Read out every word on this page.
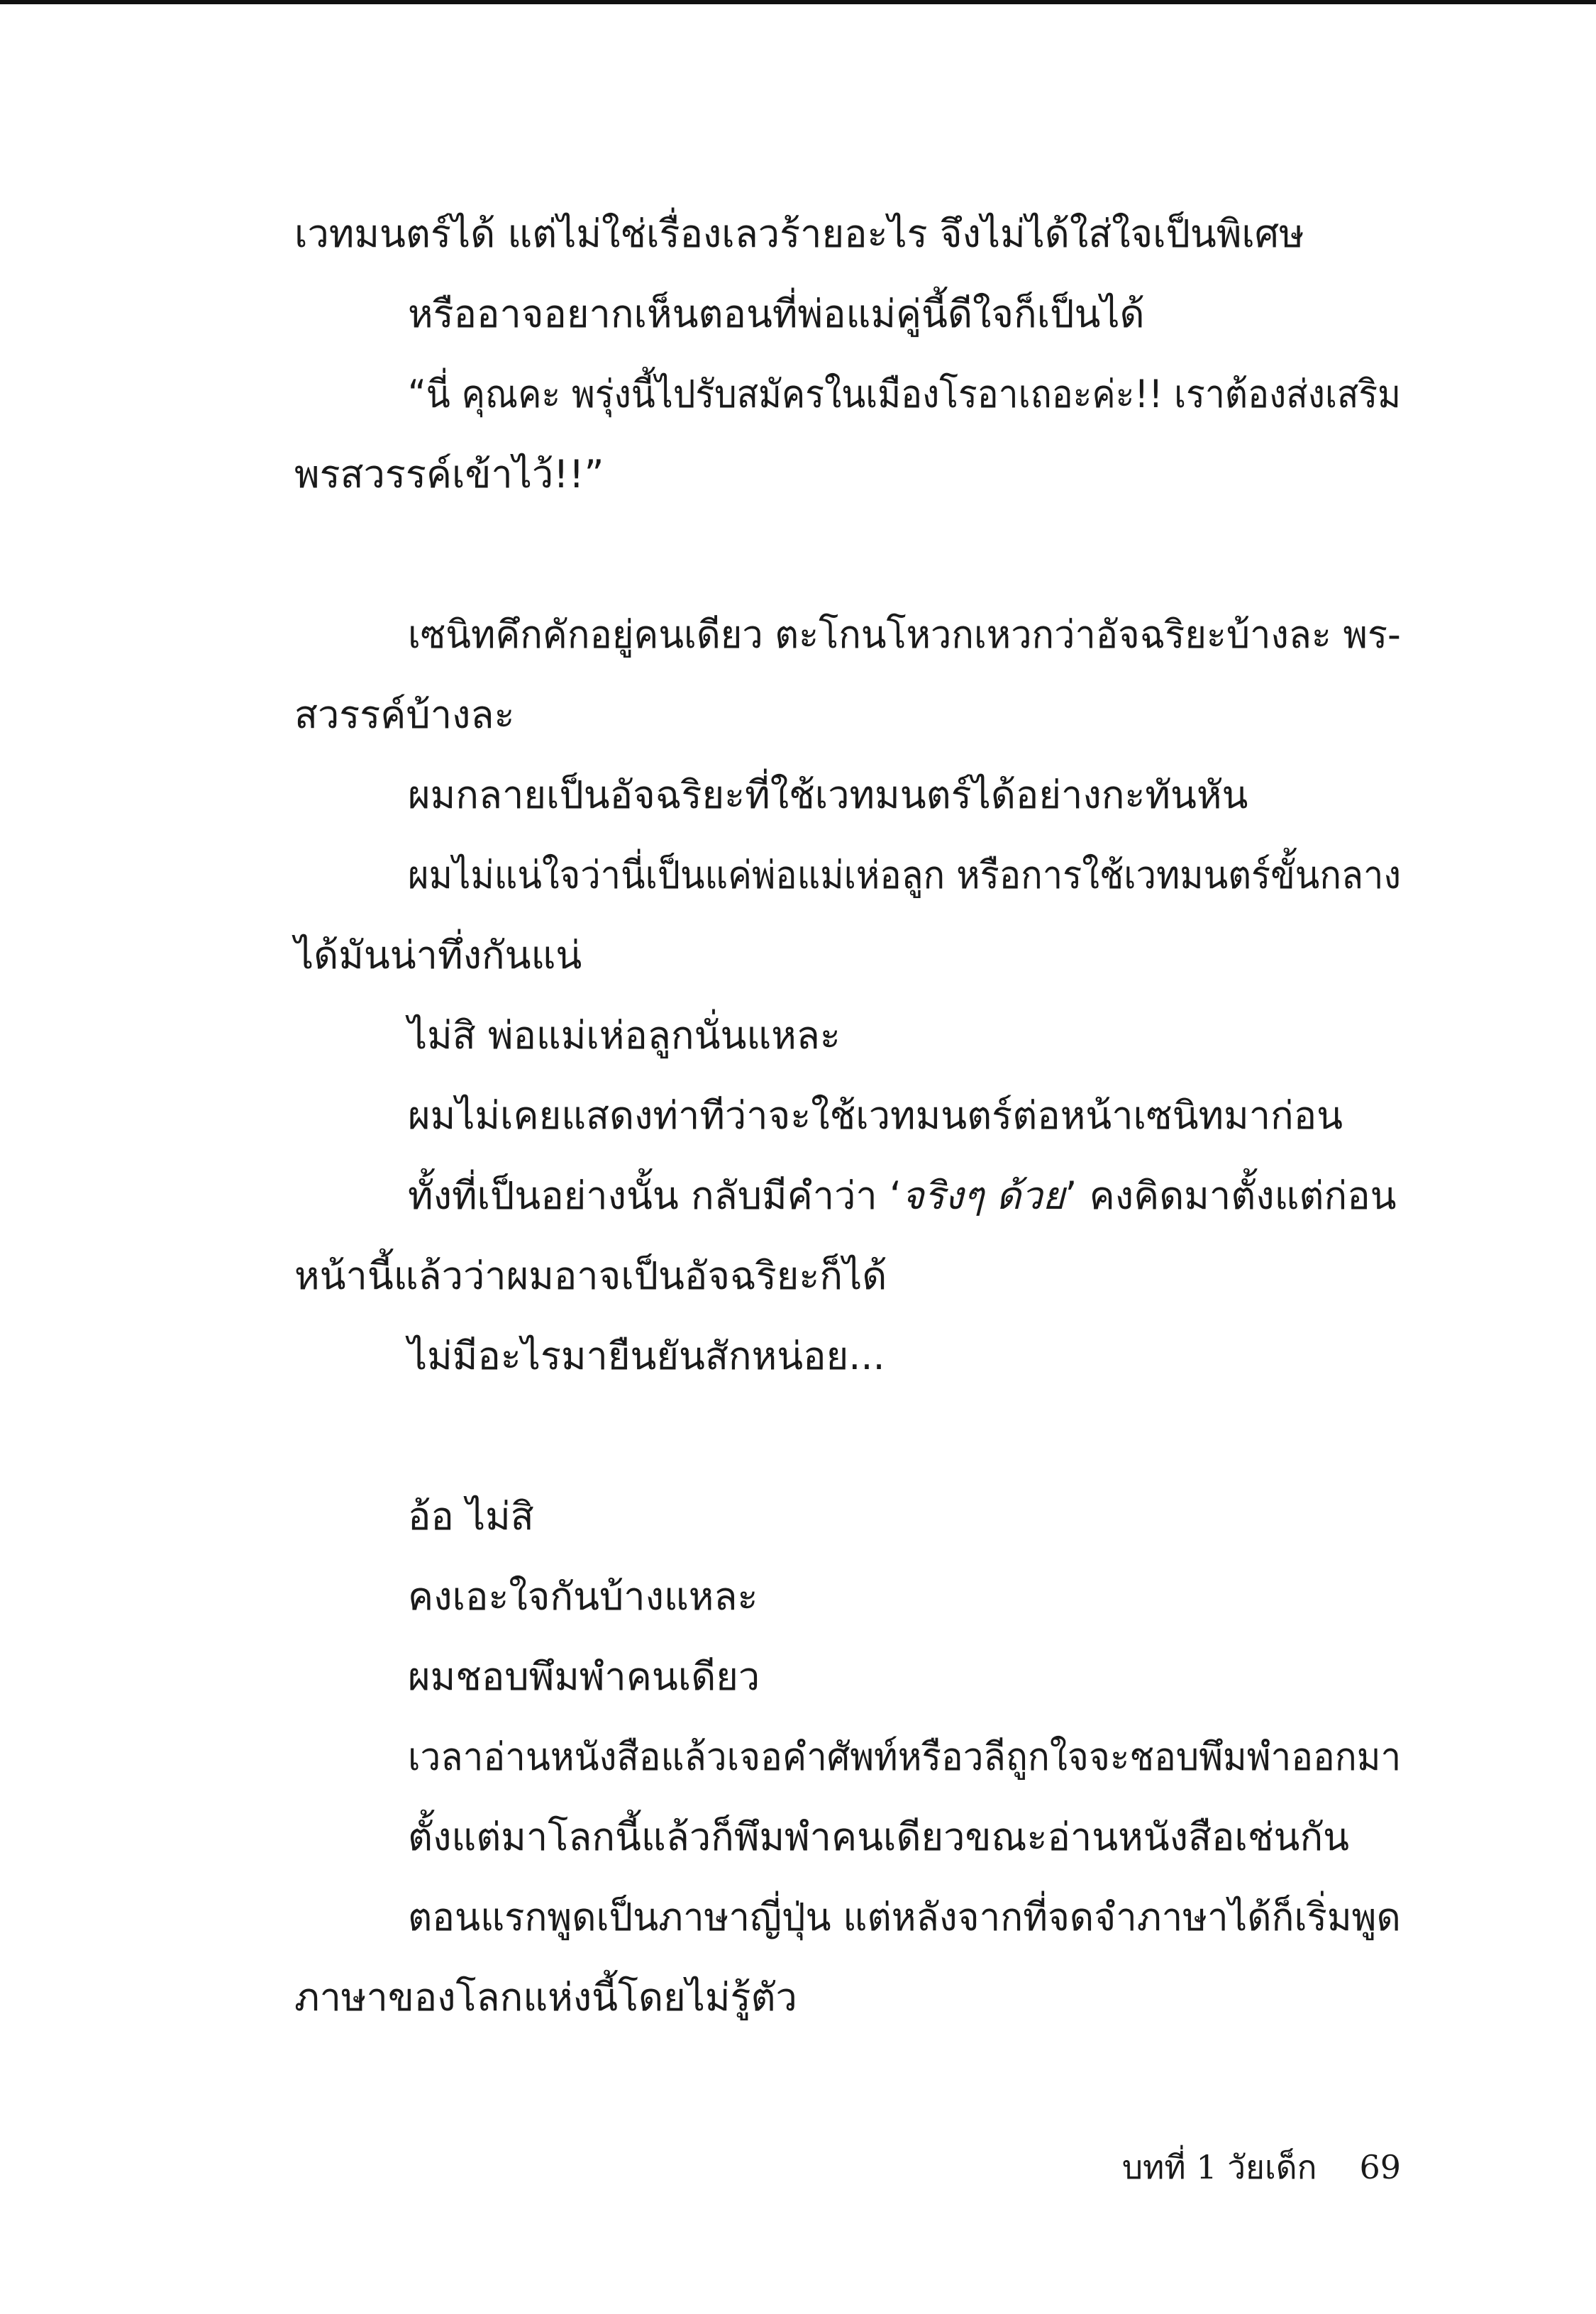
เวทมนตร์ได้ แต่ไม่ใช่เรื่องเลวร้ายอะไร จึงไม่ได้ใส่ใจเป็นพิเศษ
หรืออาจอยากเห็นตอนที่พ่อแม่คู่นี้ดีใจก็เป็นได้
“นี่ คุณคะ พรุ่งนี้ไปรับสมัครในเมืองโรอาเถอะค่ะ!! เราต้องส่งเสริม
พรสวรรค์เข้าไว้!!”
เซนิทคึกคักอยู่คนเดียว ตะโกนโหวกเหวกว่าอัจฉริยะบ้างละ พร-
สวรรค์บ้างละ
ผมกลายเป็นอัจฉริยะที่ใช้เวทมนตร์ได้อย่างกะทันหัน
ผมไม่แน่ใจว่านี่เป็นแค่พ่อแม่เห่อลูก หรือการใช้เวทมนตร์ขั้นกลาง
ได้มันน่าทึ่งกันแน่
ไม่สิ พ่อแม่เห่อลูกนั่นแหละ
ผมไม่เคยแสดงท่าทีว่าจะใช้เวทมนตร์ต่อหน้าเซนิทมาก่อน
ทั้งที่เป็นอย่างนั้น กลับมีคำว่า ‘จริงๆ ด้วย’ คงคิดมาตั้งแต่ก่อน
หน้านี้แล้วว่าผมอาจเป็นอัจฉริยะก็ได้
ไม่มีอะไรมายืนยันสักหน่อย...
อ้อ ไม่สิ
คงเอะใจกันบ้างแหละ
ผมชอบพึมพำคนเดียว
เวลาอ่านหนังสือแล้วเจอคำศัพท์หรือวลีถูกใจจะชอบพึมพำออกมา
ตั้งแต่มาโลกนี้แล้วก็พึมพำคนเดียวขณะอ่านหนังสือเช่นกัน
ตอนแรกพูดเป็นภาษาญี่ปุ่น แต่หลังจากที่จดจำภาษาได้ก็เริ่มพูด
ภาษาของโลกแห่งนี้โดยไม่รู้ตัว
บทที่ 1 วัยเด็ก 69
